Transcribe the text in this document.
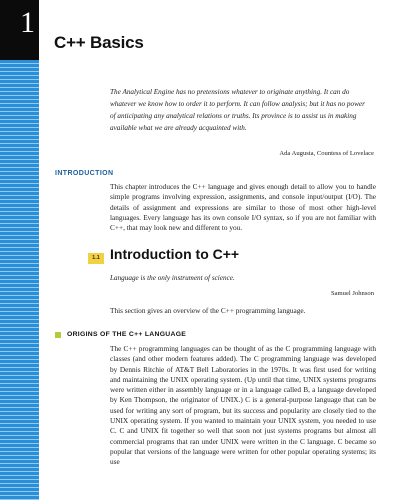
1
C++ Basics
The Analytical Engine has no pretensions whatever to originate anything. It can do whatever we know how to order it to perform. It can follow analysis; but it has no power of anticipating any analytical relations or truths. Its province is to assist us in making available what we are already acquainted with.
Ada Augusta, Countess of Lovelace
INTRODUCTION
This chapter introduces the C++ language and gives enough detail to allow you to handle simple programs involving expression, assignments, and console input/output (I/O). The details of assignment and expressions are similar to those of most other high-level languages. Every language has its own console I/O syntax, so if you are not familiar with C++, that may look new and different to you.
1.1 Introduction to C++
Language is the only instrument of science.
Samuel Johnson
This section gives an overview of the C++ programming language.
ORIGINS OF THE C++ LANGUAGE
The C++ programming languages can be thought of as the C programming language with classes (and other modern features added). The C programming language was developed by Dennis Ritchie of AT&T Bell Laboratories in the 1970s. It was first used for writing and maintaining the UNIX operating system. (Up until that time, UNIX systems programs were written either in assembly language or in a language called B, a language developed by Ken Thompson, the originator of UNIX.) C is a general-purpose language that can be used for writing any sort of program, but its success and popularity are closely tied to the UNIX operating system. If you wanted to maintain your UNIX system, you needed to use C. C and UNIX fit together so well that soon not just systems programs but almost all commercial programs that ran under UNIX were written in the C language. C became so popular that versions of the language were written for other popular operating systems; its use
